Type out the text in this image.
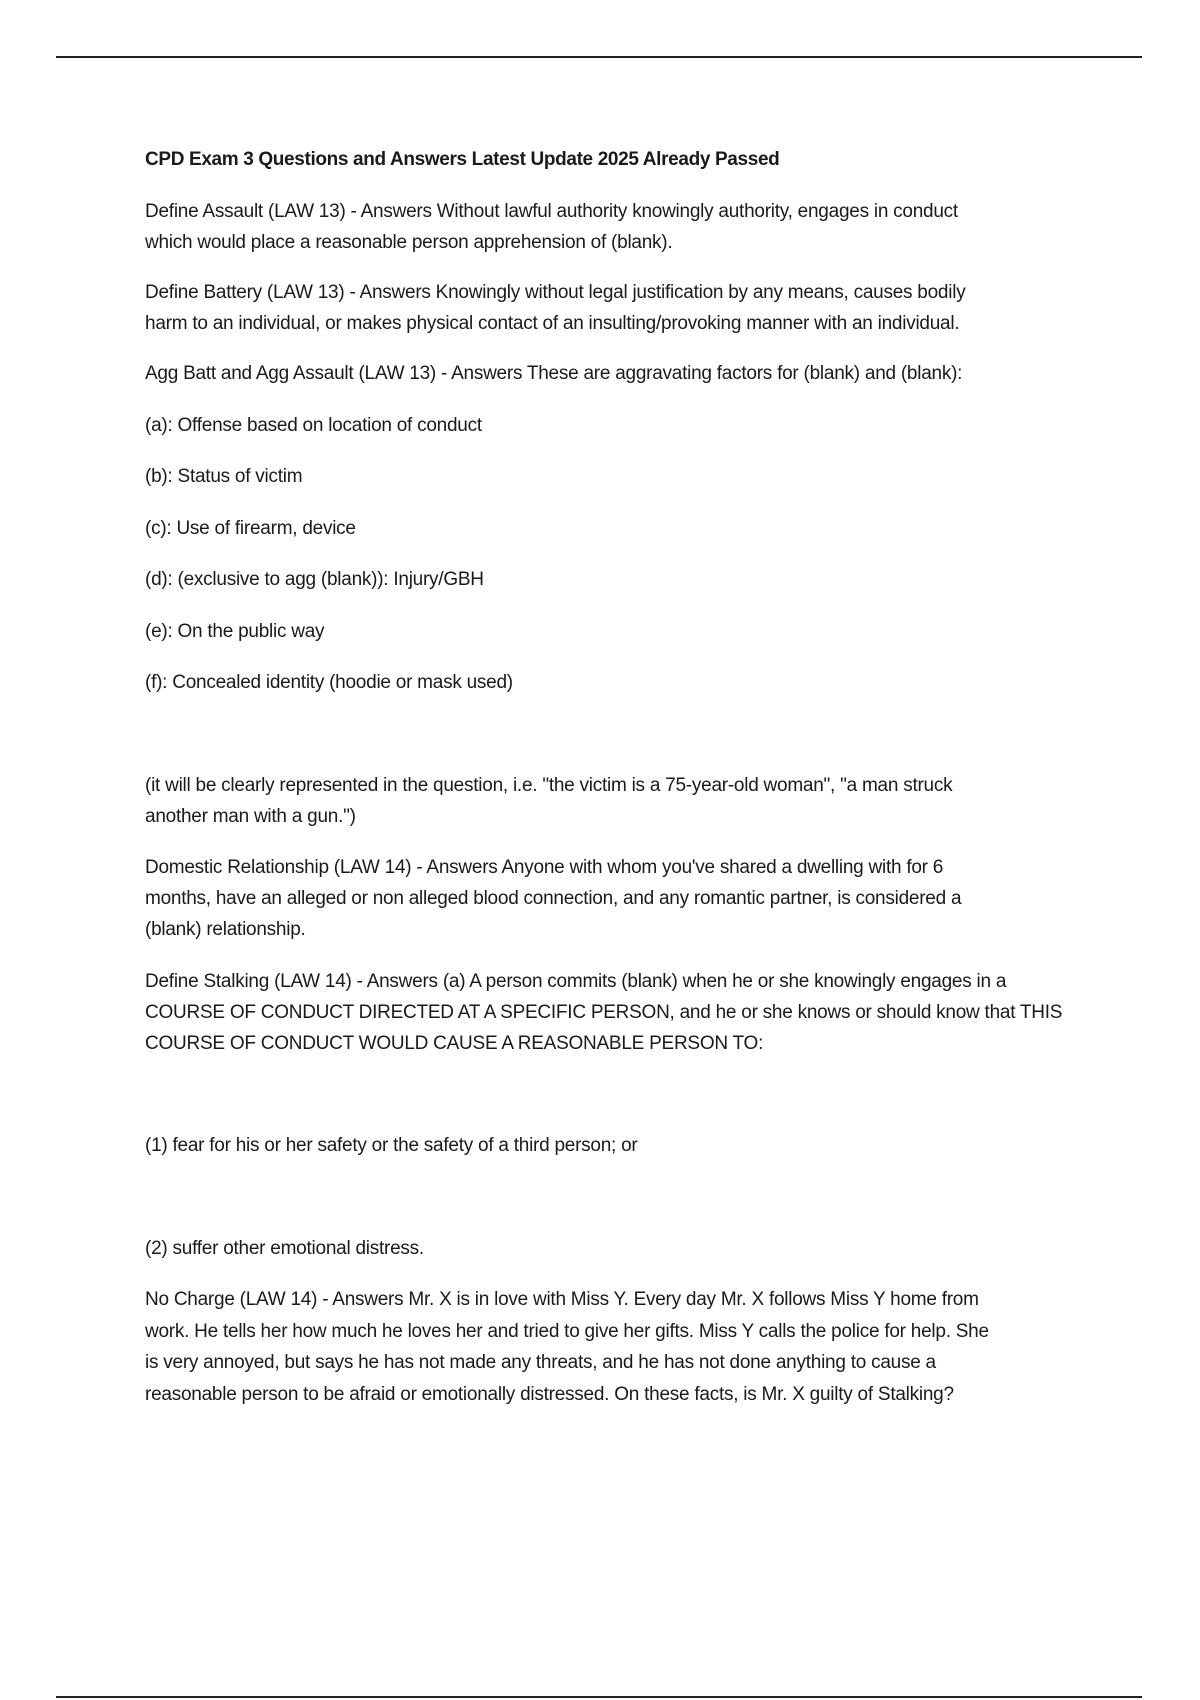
CPD Exam 3 Questions and Answers Latest Update 2025 Already Passed
Define Assault (LAW 13) - Answers Without lawful authority knowingly authority, engages in conduct
which would place a reasonable person apprehension of (blank).
Define Battery (LAW 13) - Answers Knowingly without legal justification by any means, causes bodily
harm to an individual, or makes physical contact of an insulting/provoking manner with an individual.
Agg Batt and Agg Assault (LAW 13) - Answers These are aggravating factors for (blank) and (blank):
(a): Offense based on location of conduct
(b): Status of victim
(c): Use of firearm, device
(d): (exclusive to agg (blank)): Injury/GBH
(e): On the public way
(f): Concealed identity (hoodie or mask used)
(it will be clearly represented in the question, i.e. "the victim is a 75-year-old woman", "a man struck
another man with a gun.")
Domestic Relationship (LAW 14) - Answers Anyone with whom you've shared a dwelling with for 6
months, have an alleged or non alleged blood connection, and any romantic partner, is considered a
(blank) relationship.
Define Stalking (LAW 14) - Answers (a) A person commits (blank) when he or she knowingly engages in a
COURSE OF CONDUCT DIRECTED AT A SPECIFIC PERSON, and he or she knows or should know that THIS
COURSE OF CONDUCT WOULD CAUSE A REASONABLE PERSON TO:
(1) fear for his or her safety or the safety of a third person; or
(2) suffer other emotional distress.
No Charge (LAW 14) - Answers Mr. X is in love with Miss Y. Every day Mr. X follows Miss Y home from
work. He tells her how much he loves her and tried to give her gifts. Miss Y calls the police for help. She
is very annoyed, but says he has not made any threats, and he has not done anything to cause a
reasonable person to be afraid or emotionally distressed. On these facts, is Mr. X guilty of Stalking?
